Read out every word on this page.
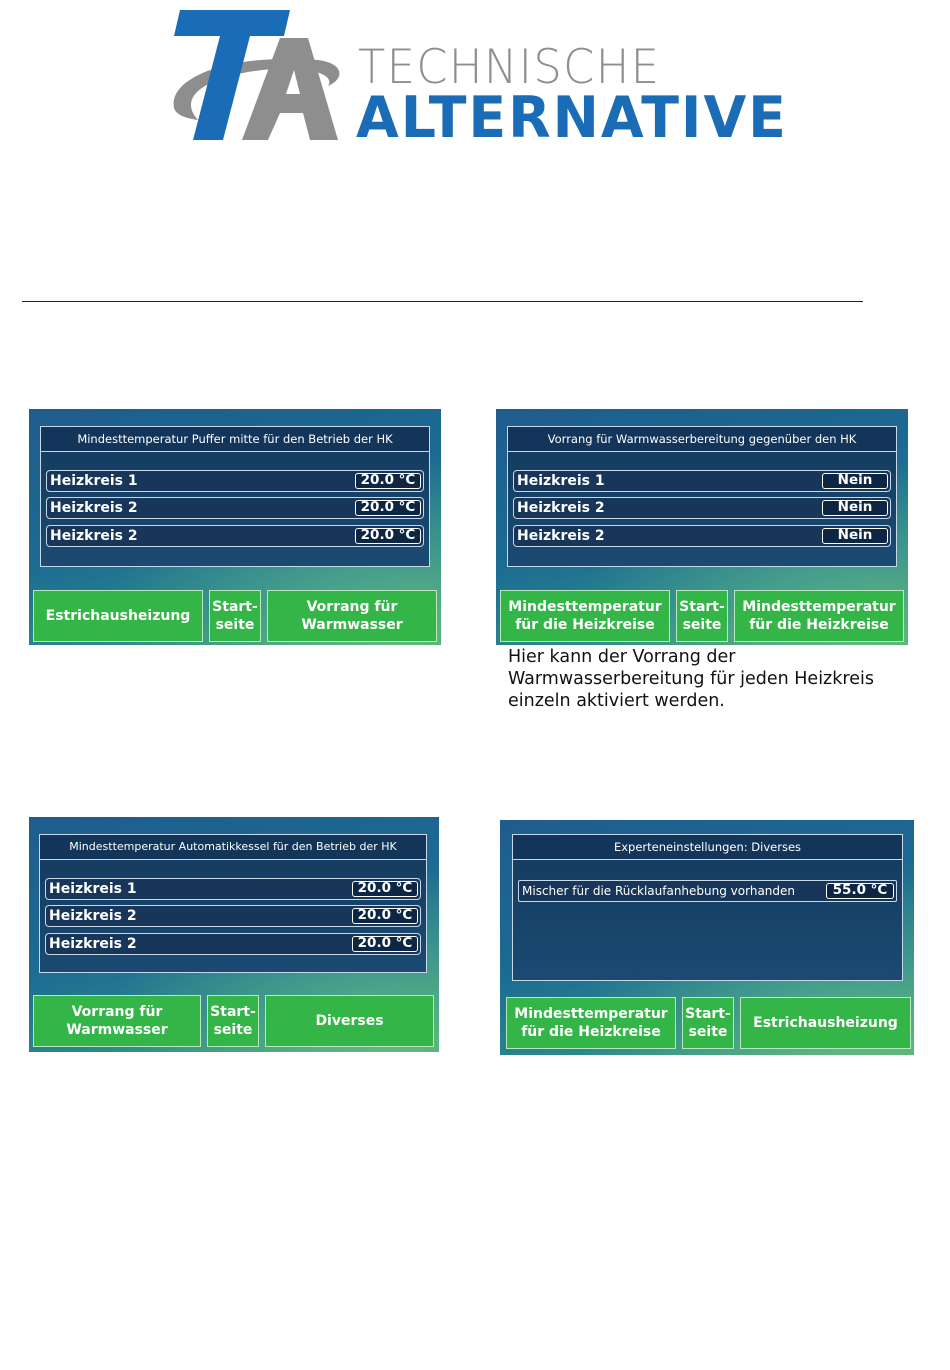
TECHNISCHE
ALTERNATIVE
Mindesttemperatur Puffer mitte für den Betrieb der HK
Heizkreis 1	20.0 °C
Heizkreis 2	20.0 °C
Heizkreis 2	20.0 °C
Estrichausheizung
Start-
seite
Vorrang für
Warmwasser
Vorrang für Warmwasserbereitung gegenüber den HK
Heizkreis 1	Nein
Heizkreis 2	Nein
Heizkreis 2	Nein
Mindesttemperatur
für die Heizkreise
Start-
seite
Mindesttemperatur
für die Heizkreise
Hier kann der Vorrang der Warmwasserbereitung für jeden Heizkreis einzeln aktiviert werden.
Mindesttemperatur Automatikkessel für den Betrieb der HK
Heizkreis 1	20.0 °C
Heizkreis 2	20.0 °C
Heizkreis 2	20.0 °C
Vorrang für
Warmwasser
Start-
seite
Diverses
Experteneinstellungen: Diverses
Mischer für die Rücklaufanhebung vorhanden	55.0 °C
Mindesttemperatur
für die Heizkreise
Start-
seite
Estrichausheizung
